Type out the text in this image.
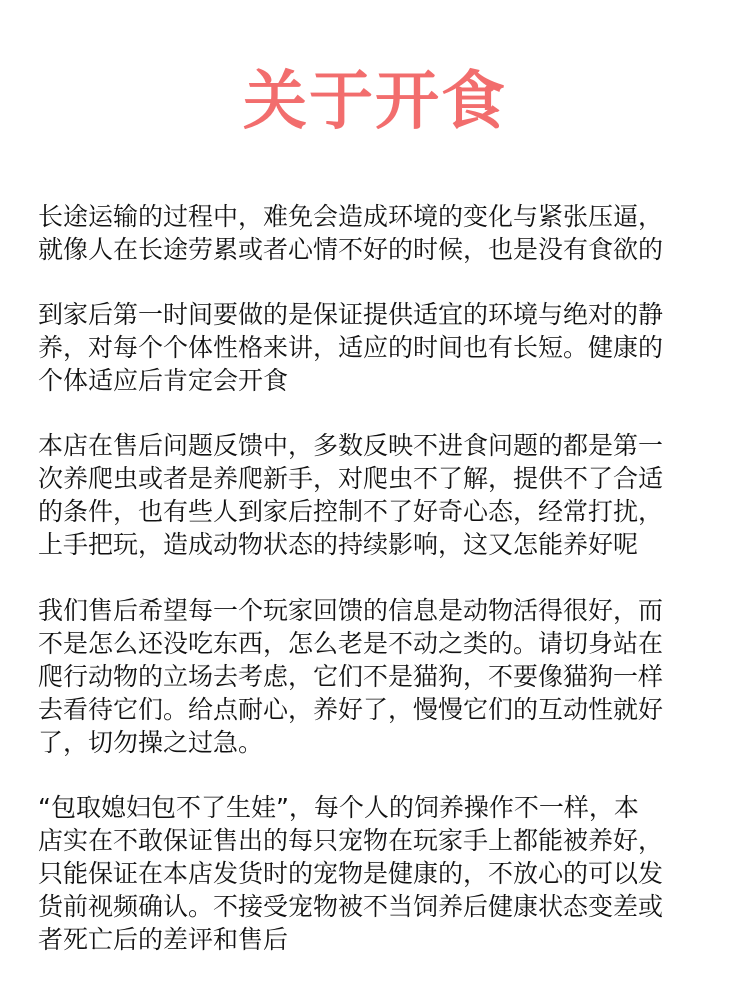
关于开食

长途运输的过程中，难免会造成环境的变化与紧张压逼，
就像人在长途劳累或者心情不好的时候，也是没有食欲的

到家后第一时间要做的是保证提供适宜的环境与绝对的静
养，对每个个体性格来讲，适应的时间也有长短。健康的
个体适应后肯定会开食

本店在售后问题反馈中，多数反映不进食问题的都是第一
次养爬虫或者是养爬新手，对爬虫不了解，提供不了合适
的条件，也有些人到家后控制不了好奇心态，经常打扰，
上手把玩，造成动物状态的持续影响，这又怎能养好呢

我们售后希望每一个玩家回馈的信息是动物活得很好，而
不是怎么还没吃东西，怎么老是不动之类的。请切身站在
爬行动物的立场去考虑，它们不是猫狗，不要像猫狗一样
去看待它们。给点耐心，养好了，慢慢它们的互动性就好
了，切勿操之过急。

“包取媳妇包不了生娃”，每个人的饲养操作不一样，本
店实在不敢保证售出的每只宠物在玩家手上都能被养好，
只能保证在本店发货时的宠物是健康的，不放心的可以发
货前视频确认。不接受宠物被不当饲养后健康状态变差或
者死亡后的差评和售后
